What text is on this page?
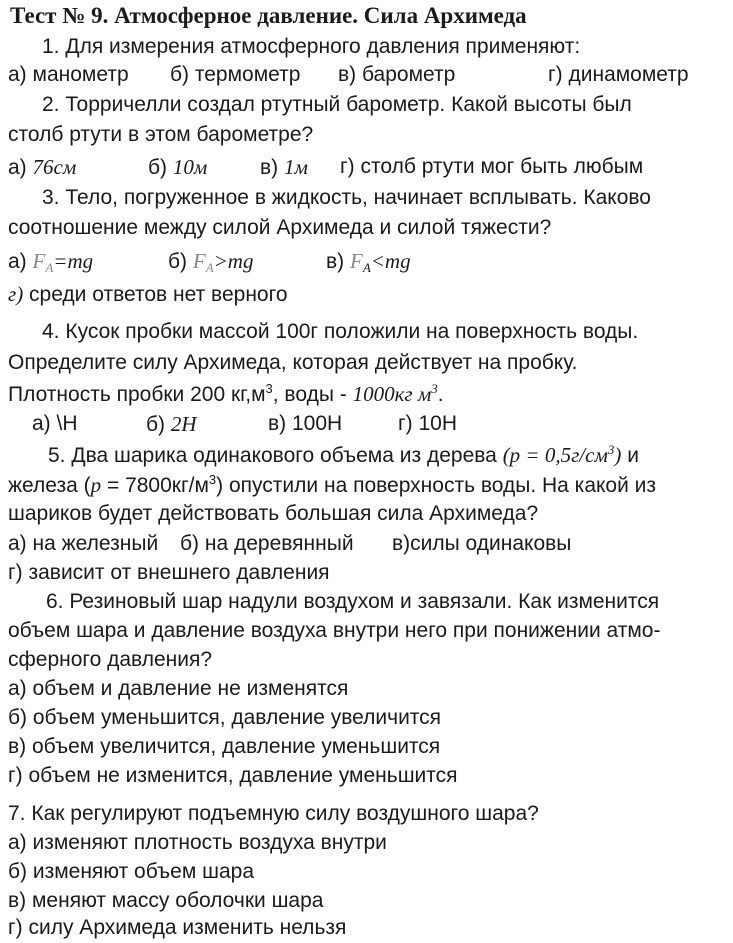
Тест № 9. Атмосферное давление. Сила Архимеда
1. Для измерения атмосферного давления применяют:
а) манометр б) термометр в) барометр	г) динамометр
2. Торричелли создал ртутный барометр. Какой высоты был
столб ртути в этом барометре?
а) 76см	б) 10м	в) 1м г) столб ртути мог быть любым
3. Тело, погруженное в жидкость, начинает всплывать. Каково
соотношение между силой Архимеда и силой тяжести?
а) FA=mg	б) FA>mg	в) FA<mg
г) среди ответов нет верного
4. Кусок пробки массой 100г положили на поверхность воды.
Определите силу Архимеда, которая действует на пробку.
Плотность пробки 200 $кг,м^3$, воды - 1000кг $м^3$.
а) \Н	б) 2Н	в) 100Н	г) 10Н
5. Два шарика одинакового объема из дерева $(р = 0,5г/см^3)$ и
железа $(p = 7800кг/м^3)$ опустили на поверхность воды. На какой из
шариков будет действовать большая сила Архимеда?
а) на железный б) на деревянный в)силы одинаковы
г) зависит от внешнего давления
6. Резиновый шар надули воздухом и завязали. Как изменится
объем шара и давление воздуха внутри него при понижении атмо-
сферного давления?
а) объем и давление не изменятся
б) объем уменьшится, давление увеличится
в) объем увеличится, давление уменьшится
г) объем не изменится, давление уменьшится
7. Как регулируют подъемную силу воздушного шара?
а) изменяют плотность воздуха внутри
б) изменяют объем шара
в) меняют массу оболочки шара
г) силу Архимеда изменить нельзя
